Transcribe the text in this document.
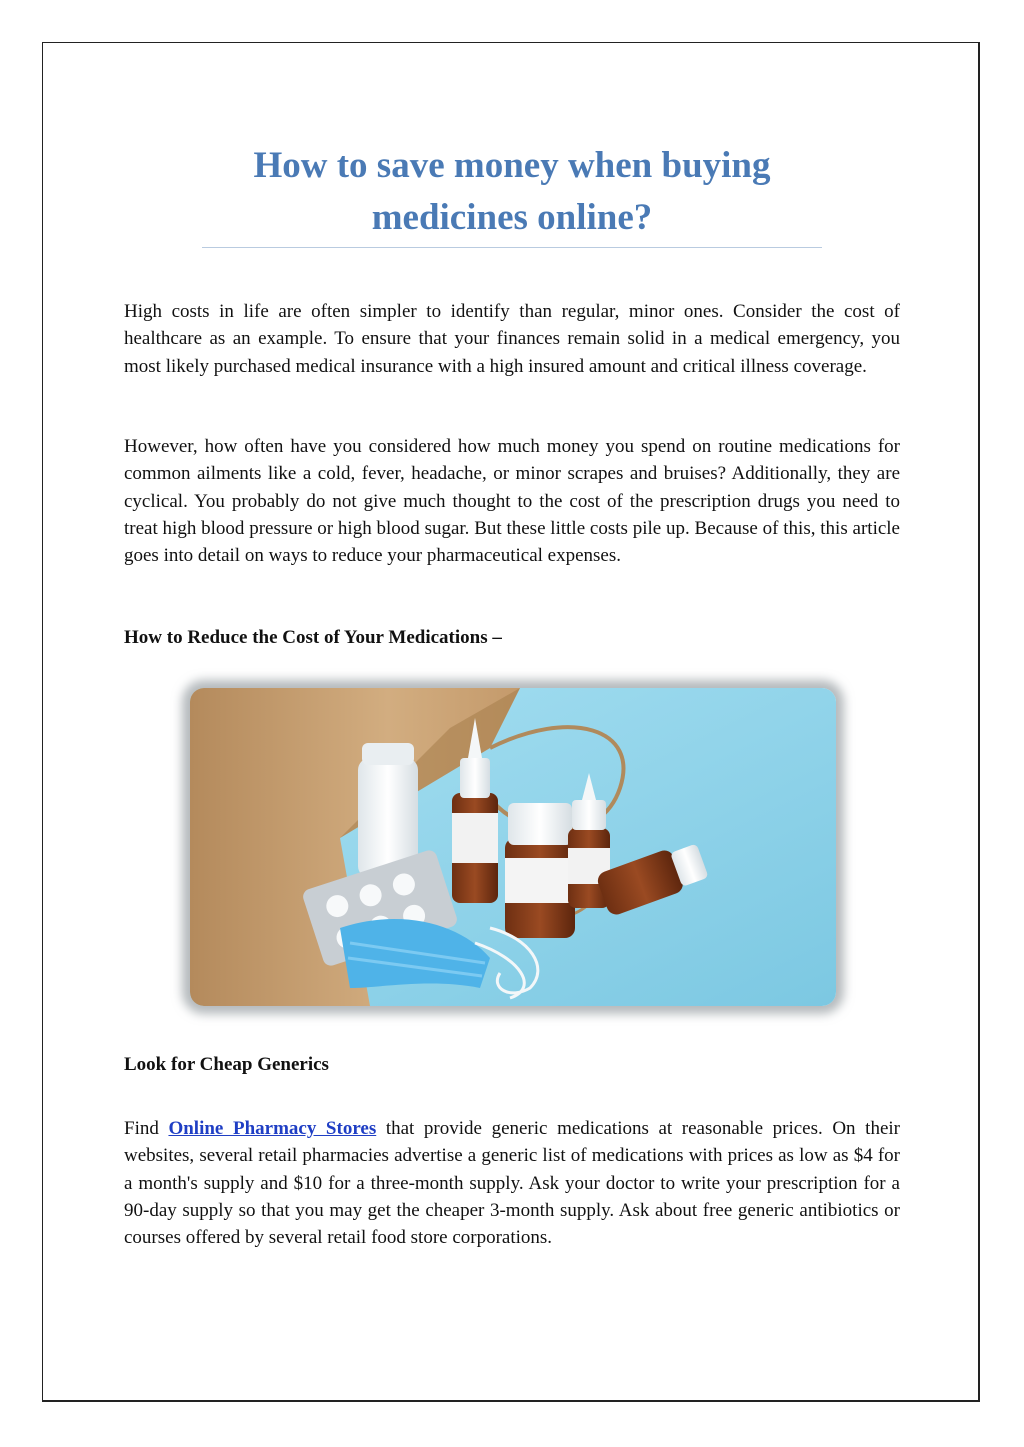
How to save money when buying medicines online?

High costs in life are often simpler to identify than regular, minor ones. Consider the cost of healthcare as an example. To ensure that your finances remain solid in a medical emergency, you most likely purchased medical insurance with a high insured amount and critical illness coverage.

However, how often have you considered how much money you spend on routine medications for common ailments like a cold, fever, headache, or minor scrapes and bruises? Additionally, they are cyclical. You probably do not give much thought to the cost of the prescription drugs you need to treat high blood pressure or high blood sugar. But these little costs pile up. Because of this, this article goes into detail on ways to reduce your pharmaceutical expenses.

How to Reduce the Cost of Your Medications –

Look for Cheap Generics

Find Online Pharmacy Stores that provide generic medications at reasonable prices. On their websites, several retail pharmacies advertise a generic list of medications with prices as low as $4 for a month's supply and $10 for a three-month supply. Ask your doctor to write your prescription for a 90-day supply so that you may get the cheaper 3-month supply. Ask about free generic antibiotics or courses offered by several retail food store corporations.
